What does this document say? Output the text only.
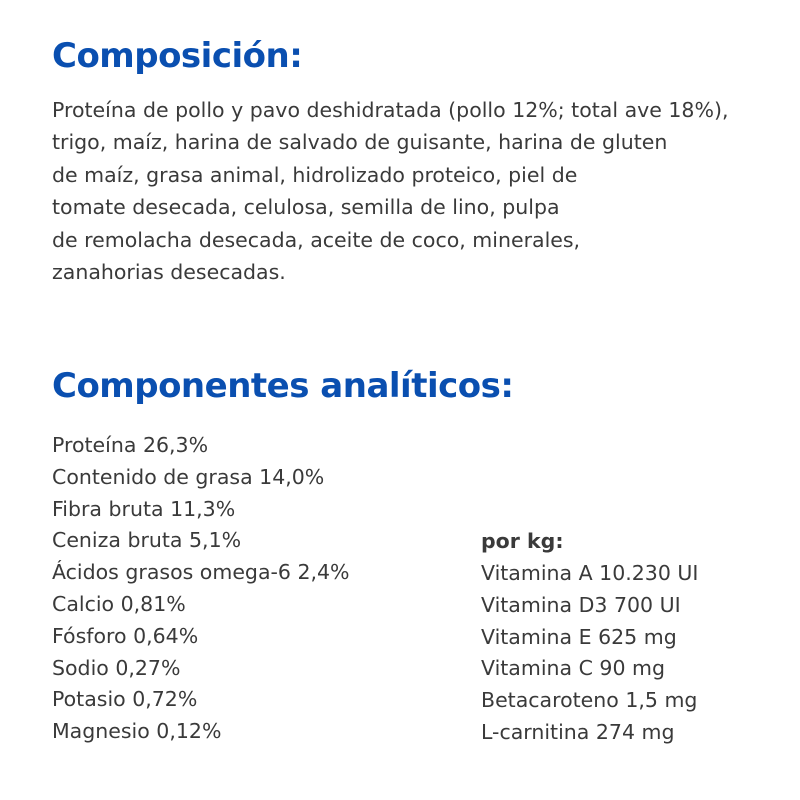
Composición:

Proteína de pollo y pavo deshidratada (pollo 12%; total ave 18%),
trigo, maíz, harina de salvado de guisante, harina de gluten
de maíz, grasa animal, hidrolizado proteico, piel de
tomate desecada, celulosa, semilla de lino, pulpa
de remolacha desecada, aceite de coco, minerales,
zanahorias desecadas.

Componentes analíticos:
Proteína 26,3%
Contenido de grasa 14,0%
Fibra bruta 11,3%
Ceniza bruta 5,1%
Ácidos grasos omega-6 2,4%
Calcio 0,81%
Fósforo 0,64%
Sodio 0,27%
Potasio 0,72%
Magnesio 0,12%

por kg:

Vitamina A 10.230 UI
Vitamina D3 700 UI
Vitamina E 625 mg
Vitamina C 90 mg
Betacaroteno 1,5 mg
L-carnitina 274 mg
